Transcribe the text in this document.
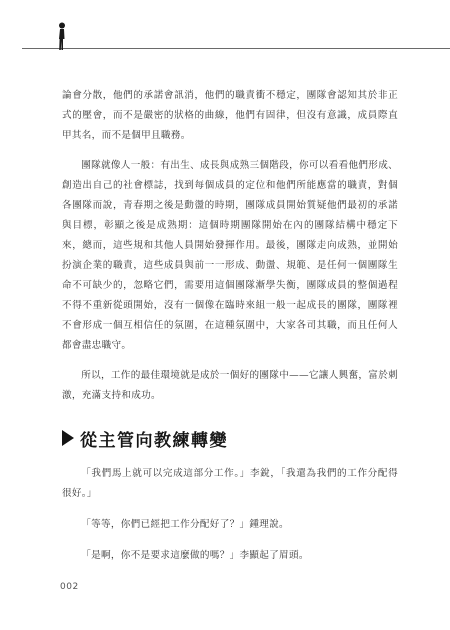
論會分散，他們的承諾會訊消，他們的職責衝不穩定，團隊會認知其於非正式的壓會，而不是嚴密的狀格的曲線，他們有固律，但沒有意識，成員際直甲其名，而不是個甲且職務。

團隊就像人一般：有出生、成長與成熟三個階段，你可以看看他們形成、創造出自己的社會標誌，找到每個成員的定位和他們所能應當的職責，對個各團隊而說，青春期之後是動盪的時期，團隊成員開始質疑他們最初的承諾與目標，彰顯之後是成熟期：這個時期團隊開始在內的團隊結構中穩定下來，總而，這些規和其他人員開始發揮作用。最後，團隊走向成熟，並開始扮演企業的職責，這些成員與前一一形成、動盪、規範、是任何一個團隊生命不可缺少的，忽略它們，需要用這個團隊漸學失衡，團隊成員的整個過程不得不重新從頭開始，沒有一個像在臨時來組一般一起成長的團隊，團隊裡不會形成一個互相信任的氛圍，在這種氛圍中，大家各司其職，而且任何人都會盡忠職守。

所以，工作的最佳環境就是成於一個好的團隊中——它讓人興奮，富於刺激，充滿支持和成功。

從主管向教練轉變

「我們馬上就可以完成這部分工作。」李銳，「我還為我們的工作分配得很好。」

「等等，你們已經把工作分配好了？」鍾理說。

「是啊，你不是要求這麼做的嗎？」李顯起了眉頭。

002
